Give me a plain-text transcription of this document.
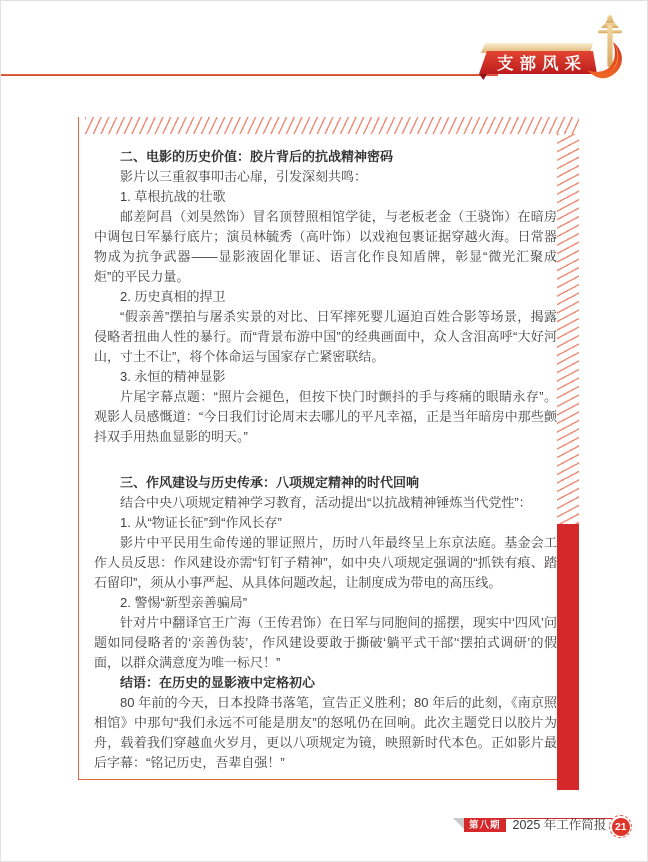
支部风采
二、电影的历史价值：胶片背后的抗战精神密码

影片以三重叙事叩击心扉，引发深刻共鸣：

1. 草根抗战的壮歌

邮差阿昌（刘昊然饰）冒名顶替照相馆学徒，与老板老金（王骁饰）在暗房中调包日军暴行底片；演员林毓秀（高叶饰）以戏袍包裹证据穿越火海。日常器物成为抗争武器——显影液固化罪证、语言化作良知盾牌，彰显“微光汇聚成炬”的平民力量。

2. 历史真相的捍卫

“假亲善”摆拍与屠杀实景的对比、日军摔死婴儿逼迫百姓合影等场景，揭露侵略者扭曲人性的暴行。而“背景布游中国”的经典画面中，众人含泪高呼“大好河山，寸土不让”，将个体命运与国家存亡紧密联结。

3. 永恒的精神显影

片尾字幕点题：“照片会褪色，但按下快门时颤抖的手与疼痛的眼睛永存”。观影人员感慨道：“今日我们讨论周末去哪儿的平凡幸福，正是当年暗房中那些颤抖双手用热血显影的明天。”

三、作风建设与历史传承：八项规定精神的时代回响

结合中央八项规定精神学习教育，活动提出“以抗战精神锤炼当代党性”：

1. 从“物证长征”到“作风长存”

影片中平民用生命传递的罪证照片，历时八年最终呈上东京法庭。基金会工作人员反思：作风建设亦需“钉钉子精神”，如中央八项规定强调的“抓铁有痕、踏石留印”，须从小事严起、从具体问题改起，让制度成为带电的高压线。

2. 警惕“新型亲善骗局”

针对片中翻译官王广海（王传君饰）在日军与同胞间的摇摆，现实中‘四风’问题如同侵略者的‘亲善伪装’，作风建设要敢于撕破‘躺平式干部’‘摆拍式调研’的假面，以群众满意度为唯一标尺！”

结语：在历史的显影液中定格初心

80 年前的今天，日本投降书落笔，宣告正义胜利；80 年后的此刻，《南京照相馆》中那句“我们永远不可能是朋友”的怒吼仍在回响。此次主题党日以胶片为舟，载着我们穿越血火岁月，更以八项规定为镜，映照新时代本色。正如影片最后字幕：“铭记历史，吾辈自强！”

第八期 2025 年工作简报 21
